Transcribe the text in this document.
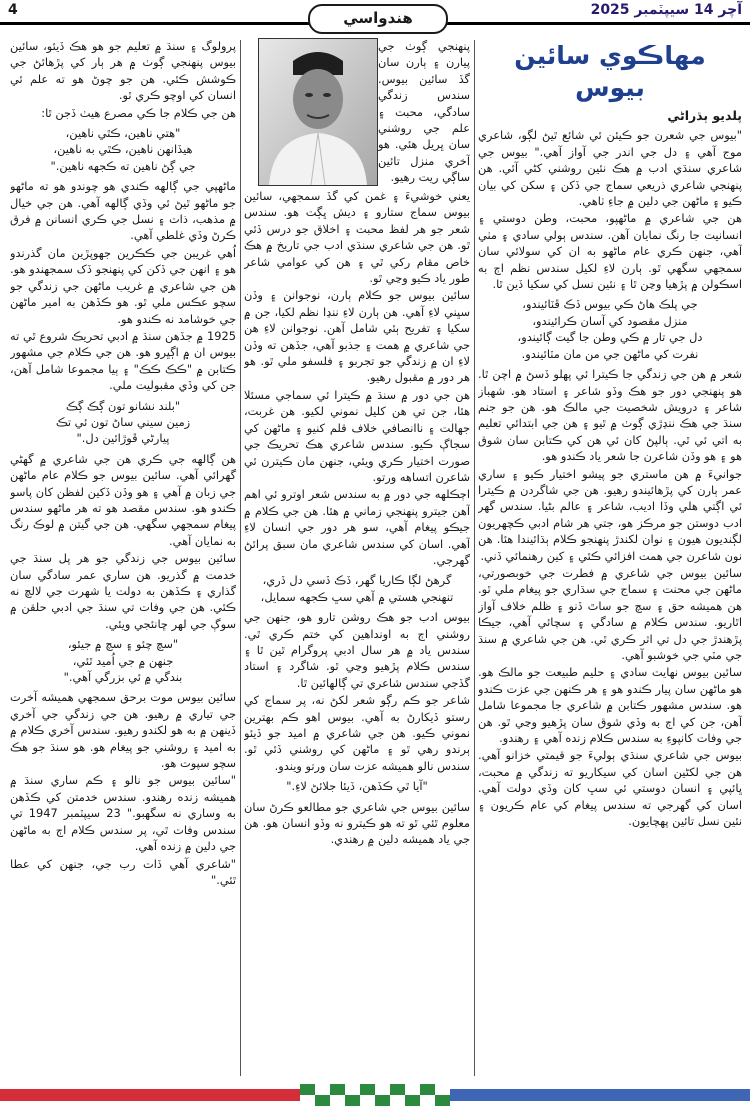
4	هندواسي	آچر 14 سيپٽمبر 2025
مهاڪوي سائين بيوس
پلديو ٻڌراڻي

"بيوس جي شعرن جو ڪيئن ئي شائع ٿيڻ لڳو، شاعري موج آهي ۽ دل جي اندر جي آواز آهي." بيوس جي شاعري سنڌي ادب ۾ هڪ نئين روشني کڻي آئي. هن پنهنجي شاعري ذريعي سماج جي ڏکن ۽ سکن کي بيان ڪيو ۽ ماڻهن جي دلين ۾ جاءِ ٺاهي.

هن جي شاعري ۾ ماڻهپو، محبت، وطن دوستي ۽ انسانيت جا رنگ نمايان آهن. سندس ٻولي سادي ۽ مٺي آهي، جنهن ڪري عام ماڻهو به ان کي سولائي سان سمجهي سگهي ٿو. ٻارن لاءِ لکيل سندس نظم اڄ به اسڪولن ۾ پڙهيا وڃن ٿا ۽ نئين نسل کي سکيا ڏين ٿا.

جي پلڪ هاڻ ڪي بيوس ڏڪ ڦٽائيندو،
منزل مقصود کي آسان ڪرائيندو،
دل جي تار ۾ ڪي وطن جا گيت ڳائيندو،
نفرت کي ماڻهن جي من مان مٽائيندو.

شعر ۾ هن جي زندگي جا ڪيترا ئي پهلو ڏسڻ ۾ اچن ٿا. هو پنهنجي دور جو هڪ وڏو شاعر ۽ استاد هو. شهباز شاعر ۽ درويش شخصيت جي مالڪ هو. هن جو جنم سنڌ جي هڪ ننڍڙي ڳوٺ ۾ ٿيو ۽ هن جي ابتدائي تعليم به اتي ئي ٿي. ٻالپڻ کان ئي هن کي ڪتابن سان شوق هو ۽ هو وڏن شاعرن جا شعر ياد ڪندو هو.

جوانيءَ ۾ هن ماستري جو پيشو اختيار ڪيو ۽ ساري عمر ٻارن کي پڙهائيندو رهيو. هن جي شاگردن ۾ ڪيترا ئي اڳتي هلي وڏا اديب، شاعر ۽ عالم بڻيا. سندس گهر ادب دوستن جو مرڪز هو، جتي هر شام ادبي ڪچهريون لڳنديون هيون ۽ نوان لکندڙ پنهنجو ڪلام ٻڌائيندا هئا. هن نون شاعرن جي همت افزائي ڪئي ۽ کين رهنمائي ڏني.

سائين بيوس جي شاعري ۾ فطرت جي خوبصورتي، ماڻهن جي محنت ۽ سماج جي سڌاري جو پيغام ملي ٿو. هن هميشه حق ۽ سچ جو ساٿ ڏنو ۽ ظلم خلاف آواز اٿاريو. سندس ڪلام ۾ سادگي ۽ سچائي آهي، جيڪا پڙهندڙ جي دل تي اثر ڪري ٿي. هن جي شاعري ۾ سنڌ جي مٽي جي خوشبو آهي.

سائين بيوس نهايت سادي ۽ حليم طبيعت جو مالڪ هو. هو ماڻهن سان پيار ڪندو هو ۽ هر ڪنهن جي عزت ڪندو هو. سندس مشهور ڪتابن ۾ شاعري جا مجموعا شامل آهن، جن کي اڄ به وڏي شوق سان پڙهيو وڃي ٿو. هن جي وفات کانپوءِ به سندس ڪلام زنده آهي ۽ رهندو.

بيوس جي شاعري سنڌي ٻوليءَ جو قيمتي خزانو آهي. هن جي لکڻين اسان کي سيکاريو ته زندگي ۾ محبت، ڀائپي ۽ انسان دوستي ئي سڀ کان وڏي دولت آهي. اسان کي گهرجي ته سندس پيغام کي عام ڪريون ۽ نئين نسل تائين پهچايون.

پنهنجي ڳوٺ جي پيارن ۽ ٻارن سان گڏ سائين بيوس. سندس زندگي سادگي، محبت ۽ علم جي روشني سان ڀريل هئي. هو آخري منزل تائين ساڳي ريت رهيو.

يعني خوشيءَ ۽ غمن کي گڏ سمجهي، سائين بيوس سماج ستارو ۽ ديش ڀڳت هو. سندس شعر جو هر لفظ محبت ۽ اخلاق جو درس ڏئي ٿو. هن جي شاعري سنڌي ادب جي تاريخ ۾ هڪ خاص مقام رکي ٿي ۽ هن کي عوامي شاعر طور ياد ڪيو وڃي ٿو.

سائين بيوس جو ڪلام ٻارن، نوجوانن ۽ وڏن سڀني لاءِ آهي. هن ٻارن لاءِ ننڍا نظم لکيا، جن ۾ سکيا ۽ تفريح ٻئي شامل آهن. نوجوانن لاءِ هن جي شاعري ۾ همت ۽ جذبو آهي، جڏهن ته وڏن لاءِ ان ۾ زندگي جو تجربو ۽ فلسفو ملي ٿو. هو هر دور ۾ مقبول رهيو.

هن جي دور ۾ سنڌ ۾ ڪيترا ئي سماجي مسئلا هئا، جن تي هن کليل نموني لکيو. هن غربت، جهالت ۽ ناانصافي خلاف قلم کنيو ۽ ماڻهن کي سجاڳ ڪيو. سندس شاعري هڪ تحريڪ جي صورت اختيار ڪري ويئي، جنهن مان ڪيترن ئي شاعرن اتساهه ورتو.

اڄڪلهه جي دور ۾ به سندس شعر اوترو ئي اهم آهن جيترو پنهنجي زماني ۾ هئا. هن جي ڪلام ۾ جيڪو پيغام آهي، سو هر دور جي انسان لاءِ آهي. اسان کي سندس شاعري مان سبق پرائڻ گهرجي.

گرهڻ لڳا ڪاريا گهر، ڏڪ ڏسي دل ڏري،
تنهنجي هستي ۾ آهي سڀ ڪجهه سمايل،

بيوس ادب جو هڪ روشن تارو هو، جنهن جي روشني اڄ به اونداهين کي ختم ڪري ٿي. سندس ياد ۾ هر سال ادبي پروگرام ٿين ٿا ۽ سندس ڪلام پڙهيو وڃي ٿو. شاگرد ۽ استاد گڏجي سندس شاعري تي ڳالهائين ٿا.

شاعر جو ڪم رڳو شعر لکڻ نه، پر سماج کي رستو ڏيکارڻ به آهي. بيوس اهو ڪم بهترين نموني ڪيو. هن جي شاعري ۾ اميد جو ڏيئو ٻرندو رهي ٿو ۽ ماڻهن کي روشني ڏئي ٿو. سندس نالو هميشه عزت سان ورتو ويندو.

"آيا ٿي ڪڏهن، ڏيئا جلائڻ لاءِ."

سائين بيوس جي شاعري جو مطالعو ڪرڻ سان معلوم ٿئي ٿو ته هو ڪيترو نه وڏو انسان هو. هن جي ياد هميشه دلين ۾ رهندي.

پرولوگ ۽ سنڌ ۾ تعليم جو هو هڪ ڏيئو، سائين بيوس پنهنجي ڳوٺ ۾ هر ٻار کي پڙهائڻ جي ڪوشش ڪئي. هن جو چوڻ هو ته علم ئي انسان کي اوچو ڪري ٿو.

هن جي ڪلام جا ڪي مصرع هيٺ ڏجن ٿا:

"هتي ناهين، ڪٿي ناهين،
هيڏانهن ناهين، ڪٿي به ناهين،
جي ڳڻ ناهين ته ڪجهه ناهين."

ماڻهپي جي ڳالهه ڪندي هو چوندو هو ته ماڻهو جو ماڻهو ٿيڻ ئي وڏي ڳالهه آهي. هن جي خيال ۾ مذهب، ذات ۽ نسل جي ڪري انسانن ۾ فرق ڪرڻ وڏي غلطي آهي.

اُهي غريبن جي ڪڪرين جهوپڙين مان گذرندو هو ۽ انهن جي ڏکن کي پنهنجو ڏک سمجهندو هو. هن جي شاعري ۾ غريب ماڻهن جي زندگي جو سچو عڪس ملي ٿو. هو ڪڏهن به امير ماڻهن جي خوشامد نه ڪندو هو.

1925 ۾ جڏهن سنڌ ۾ ادبي تحريڪ شروع ٿي ته بيوس ان ۾ اڳڀرو هو. هن جي ڪلام جي مشهور ڪتابن ۾ "ڪڪ ڪڪ" ۽ ٻيا مجموعا شامل آهن، جن کي وڏي مقبوليت ملي.

"بلند نشانو تون ڳڪ ڳڪ
زمين سيني ساڻ تون ئي تڪ
پيارڻي ڦوڙائين دل."

هن ڳالهه جي ڪري هن جي شاعري ۾ گهڻي گهرائي آهي. سائين بيوس جو ڪلام عام ماڻهن جي زبان ۾ آهي ۽ هو وڏن ڏکين لفظن کان پاسو ڪندو هو. سندس مقصد هو ته هر ماڻهو سندس پيغام سمجهي سگهي. هن جي گيتن ۾ لوڪ رنگ به نمايان آهي.

سائين بيوس جي زندگي جو هر پل سنڌ جي خدمت ۾ گذريو. هن ساري عمر سادگي سان گذاري ۽ ڪڏهن به دولت يا شهرت جي لالچ نه ڪئي. هن جي وفات تي سنڌ جي ادبي حلقن ۾ سوڳ جي لهر ڇانئجي ويئي.

"سچ چئو ۽ سچ ۾ جيئو،
جنهن ۾ جي اُميد ٿئي،
بندگي ۾ ئي بزرگي آهي."

سائين بيوس موت برحق سمجهي هميشه آخرت جي تياري ۾ رهيو. هن جي زندگي جي آخري ڏينهن ۾ به هو لکندو رهيو. سندس آخري ڪلام ۾ به اميد ۽ روشني جو پيغام هو. هو سنڌ جو هڪ سچو سپوت هو.

"سائين بيوس جو نالو ۽ ڪم ساري سنڌ ۾ هميشه زنده رهندو. سندس خدمتن کي ڪڏهن به وساري نه سگهبو." 23 سيپٽمبر 1947 تي سندس وفات ٿي، پر سندس ڪلام اڄ به ماڻهن جي دلين ۾ زنده آهي.

"شاعري آهي ڏات رب جي، جنهن کي عطا ٿئي."
